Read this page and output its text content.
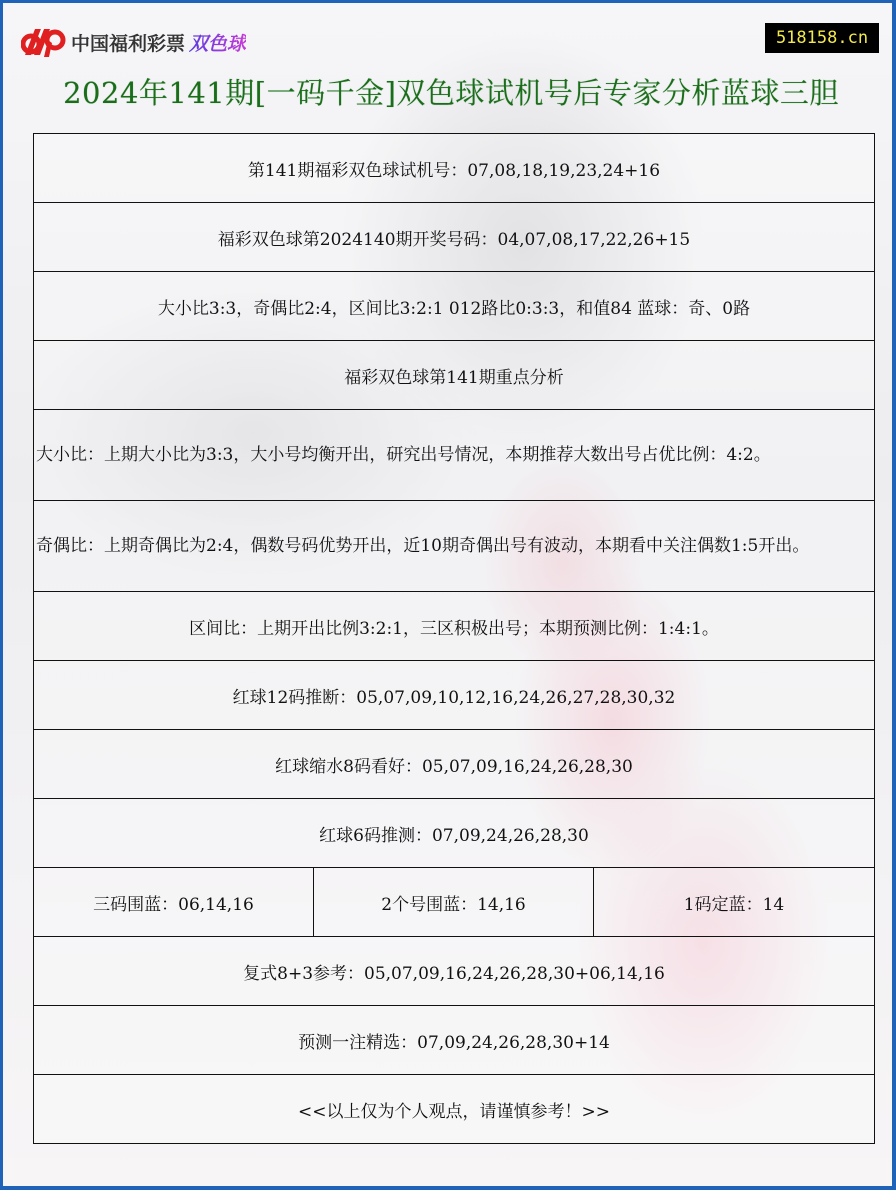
中国福利彩票 双色球	518158.cn
2024年141期[一码千金]双色球试机号后专家分析蓝球三胆
第141期福彩双色球试机号：07,08,18,19,23,24+16
福彩双色球第2024140期开奖号码：04,07,08,17,22,26+15
大小比3:3，奇偶比2:4，区间比3:2:1 012路比0:3:3，和值84 蓝球：奇、0路
福彩双色球第141期重点分析
大小比：上期大小比为3:3，大小号均衡开出，研究出号情况，本期推荐大数出号占优比例：4:2。
奇偶比：上期奇偶比为2:4，偶数号码优势开出，近10期奇偶出号有波动，本期看中关注偶数1:5开出。
区间比：上期开出比例3:2:1，三区积极出号；本期预测比例：1:4:1。
红球12码推断：05,07,09,10,12,16,24,26,27,28,30,32
红球缩水8码看好：05,07,09,16,24,26,28,30
红球6码推测：07,09,24,26,28,30
三码围蓝：06,14,16	2个号围蓝：14,16	1码定蓝：14
复式8+3参考：05,07,09,16,24,26,28,30+06,14,16
预测一注精选：07,09,24,26,28,30+14
<<以上仅为个人观点，请谨慎参考！>>
